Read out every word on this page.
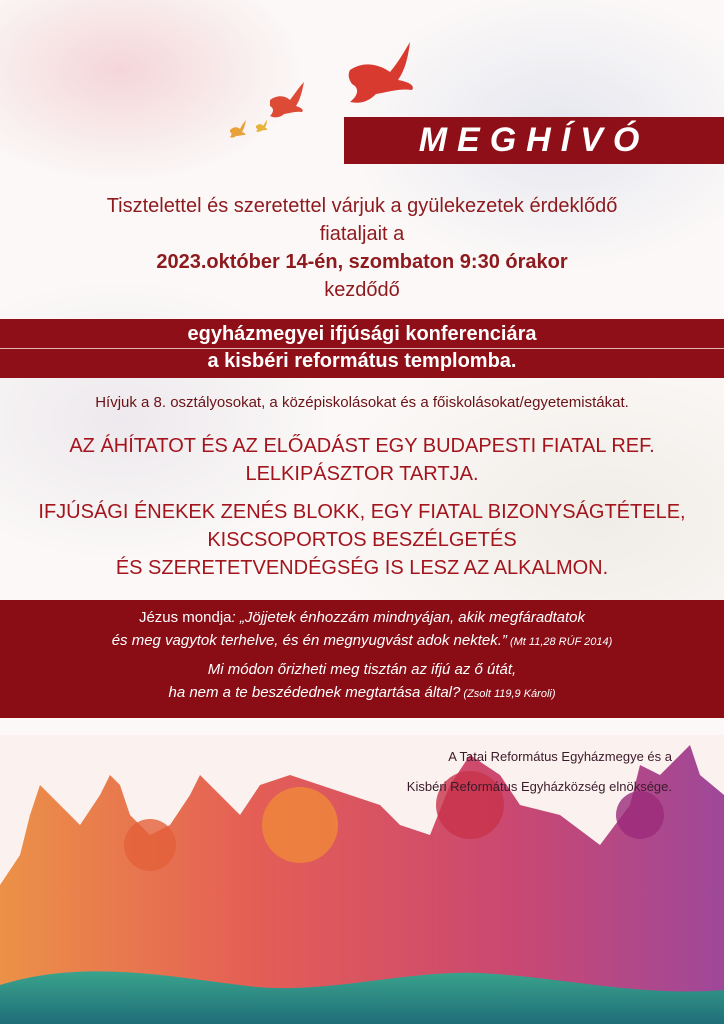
MEGHÍVÓ
Tisztelettel és szeretettel várjuk a gyülekezetek érdeklődő
fiataljait a
2023.október 14-én, szombaton 9:30 órakor
kezdődő
egyházmegyei ifjúsági konferenciára
a kisbéri református templomba.
Hívjuk a 8. osztályosokat, a középiskolásokat és a főiskolásokat/egyetemistákat.
AZ ÁHÍTATOT ÉS AZ ELŐADÁST EGY BUDAPESTI FIATAL REF.
LELKIPÁSZTOR TARTJA.
IFJÚSÁGI ÉNEKEK ZENÉS BLOKK, EGY FIATAL BIZONYSÁGTÉTELE,
KISCSOPORTOS BESZÉLGETÉS
ÉS SZERETETVENDÉGSÉG IS LESZ AZ ALKALMON.
Jézus mondja: „Jöjjetek énhozzám mindnyájan, akik megfáradtatok
és meg vagytok terhelve, és én megnyugvást adok nektek.” (Mt 11,28 RÚF 2014)
Mi módon őrizheti meg tisztán az ifjú az ő útát,
ha nem a te beszédednek megtartása által? (Zsolt 119,9 Károli)
A Tatai Református Egyházmegye és a
Kisbéri Református Egyházközség elnöksége.
